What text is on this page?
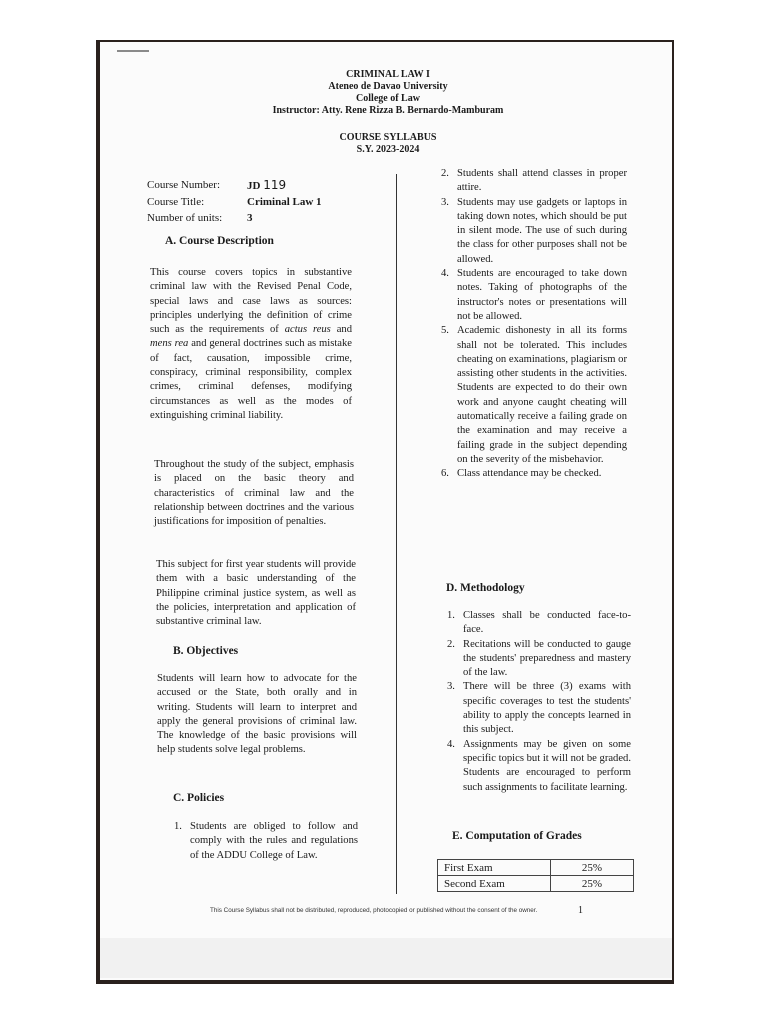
CRIMINAL LAW I
Ateneo de Davao University
College of Law
Instructor: Atty. Rene Rizza B. Bernardo-Mamburam
COURSE SYLLABUS
S.Y. 2023-2024
Course Number:	JD 119
Course Title:	Criminal Law 1
Number of units:	3
A. Course Description

This course covers topics in substantive criminal law with the Revised Penal Code, special laws and case laws as sources: principles underlying the definition of crime such as the requirements of actus reus and mens rea and general doctrines such as mistake of fact, causation, impossible crime, conspiracy, criminal responsibility, complex crimes, criminal defenses, modifying circumstances as well as the modes of extinguishing criminal liability.

Throughout the study of the subject, emphasis is placed on the basic theory and characteristics of criminal law and the relationship between doctrines and the various justifications for imposition of penalties.

This subject for first year students will provide them with a basic understanding of the Philippine criminal justice system, as well as the policies, interpretation and application of substantive criminal law.

B. Objectives

Students will learn how to advocate for the accused or the State, both orally and in writing. Students will learn to interpret and apply the general provisions of criminal law. The knowledge of the basic provisions will help students solve legal problems.

C. Policies
1. Students are obliged to follow and comply with the rules and regulations of the ADDU College of Law.
2. Students shall attend classes in proper attire.
3. Students may use gadgets or laptops in taking down notes, which should be put in silent mode. The use of such during the class for other purposes shall not be allowed.
4. Students are encouraged to take down notes. Taking of photographs of the instructor's notes or presentations will not be allowed.
5. Academic dishonesty in all its forms shall not be tolerated. This includes cheating on examinations, plagiarism or assisting other students in the activities. Students are expected to do their own work and anyone caught cheating will automatically receive a failing grade on the examination and may receive a failing grade in the subject depending on the severity of the misbehavior.
6. Class attendance may be checked.
D. Methodology
1. Classes shall be conducted face-to-face.
2. Recitations will be conducted to gauge the students' preparedness and mastery of the law.
3. There will be three (3) exams with specific coverages to test the students' ability to apply the concepts learned in this subject.
4. Assignments may be given on some specific topics but it will not be graded. Students are encouraged to perform such assignments to facilitate learning.
E. Computation of Grades
First Exam	25%
Second Exam	25%
This Course Syllabus shall not be distributed, reproduced, photocopied or published without the consent of the owner.	1
